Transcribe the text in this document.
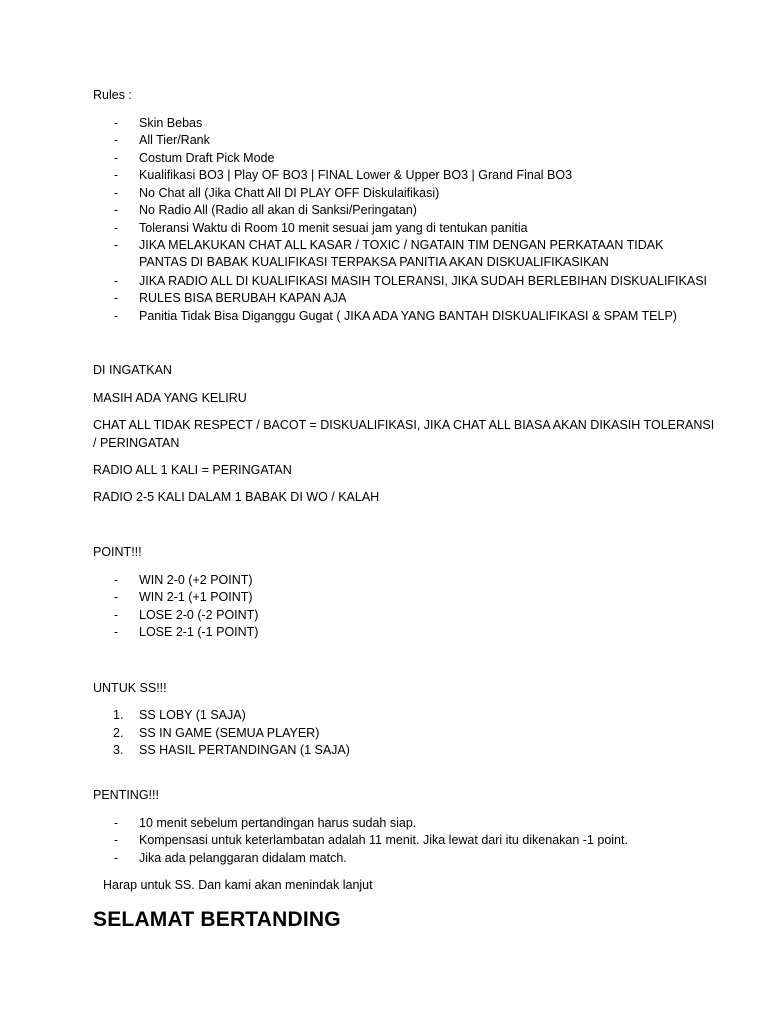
Rules :
- Skin Bebas
- All Tier/Rank
- Costum Draft Pick Mode
- Kualifikasi BO3 | Play OF BO3 | FINAL Lower & Upper BO3 | Grand Final BO3
- No Chat all (Jika Chatt All DI PLAY OFF Diskulaifikasi)
- No Radio All (Radio all akan di Sanksi/Peringatan)
- Toleransi Waktu di Room 10 menit sesuai jam yang di tentukan panitia
- JIKA MELAKUKAN CHAT ALL KASAR / TOXIC / NGATAIN TIM DENGAN PERKATAAN TIDAK PANTAS DI BABAK KUALIFIKASI TERPAKSA PANITIA AKAN DISKUALIFIKASIKAN
- JIKA RADIO ALL DI KUALIFIKASI MASIH TOLERANSI, JIKA SUDAH BERLEBIHAN DISKUALIFIKASI
- RULES BISA BERUBAH KAPAN AJA
- Panitia Tidak Bisa Diganggu Gugat ( JIKA ADA YANG BANTAH DISKUALIFIKASI & SPAM TELP)
DI INGATKAN
MASIH ADA YANG KELIRU
CHAT ALL TIDAK RESPECT / BACOT = DISKUALIFIKASI, JIKA CHAT ALL BIASA AKAN DIKASIH TOLERANSI
/ PERINGATAN
RADIO ALL 1 KALI = PERINGATAN
RADIO 2-5 KALI DALAM 1 BABAK DI WO / KALAH
POINT!!!
- WIN 2-0 (+2 POINT)
- WIN 2-1 (+1 POINT)
- LOSE 2-0 (-2 POINT)
- LOSE 2-1 (-1 POINT)
UNTUK SS!!!
1. SS LOBY (1 SAJA)
2. SS IN GAME (SEMUA PLAYER)
3. SS HASIL PERTANDINGAN (1 SAJA)
PENTING!!!
- 10 menit sebelum pertandingan harus sudah siap.
- Kompensasi untuk keterlambatan adalah 11 menit. Jika lewat dari itu dikenakan -1 point.
- Jika ada pelanggaran didalam match.
Harap untuk SS. Dan kami akan menindak lanjut
SELAMAT BERTANDING
